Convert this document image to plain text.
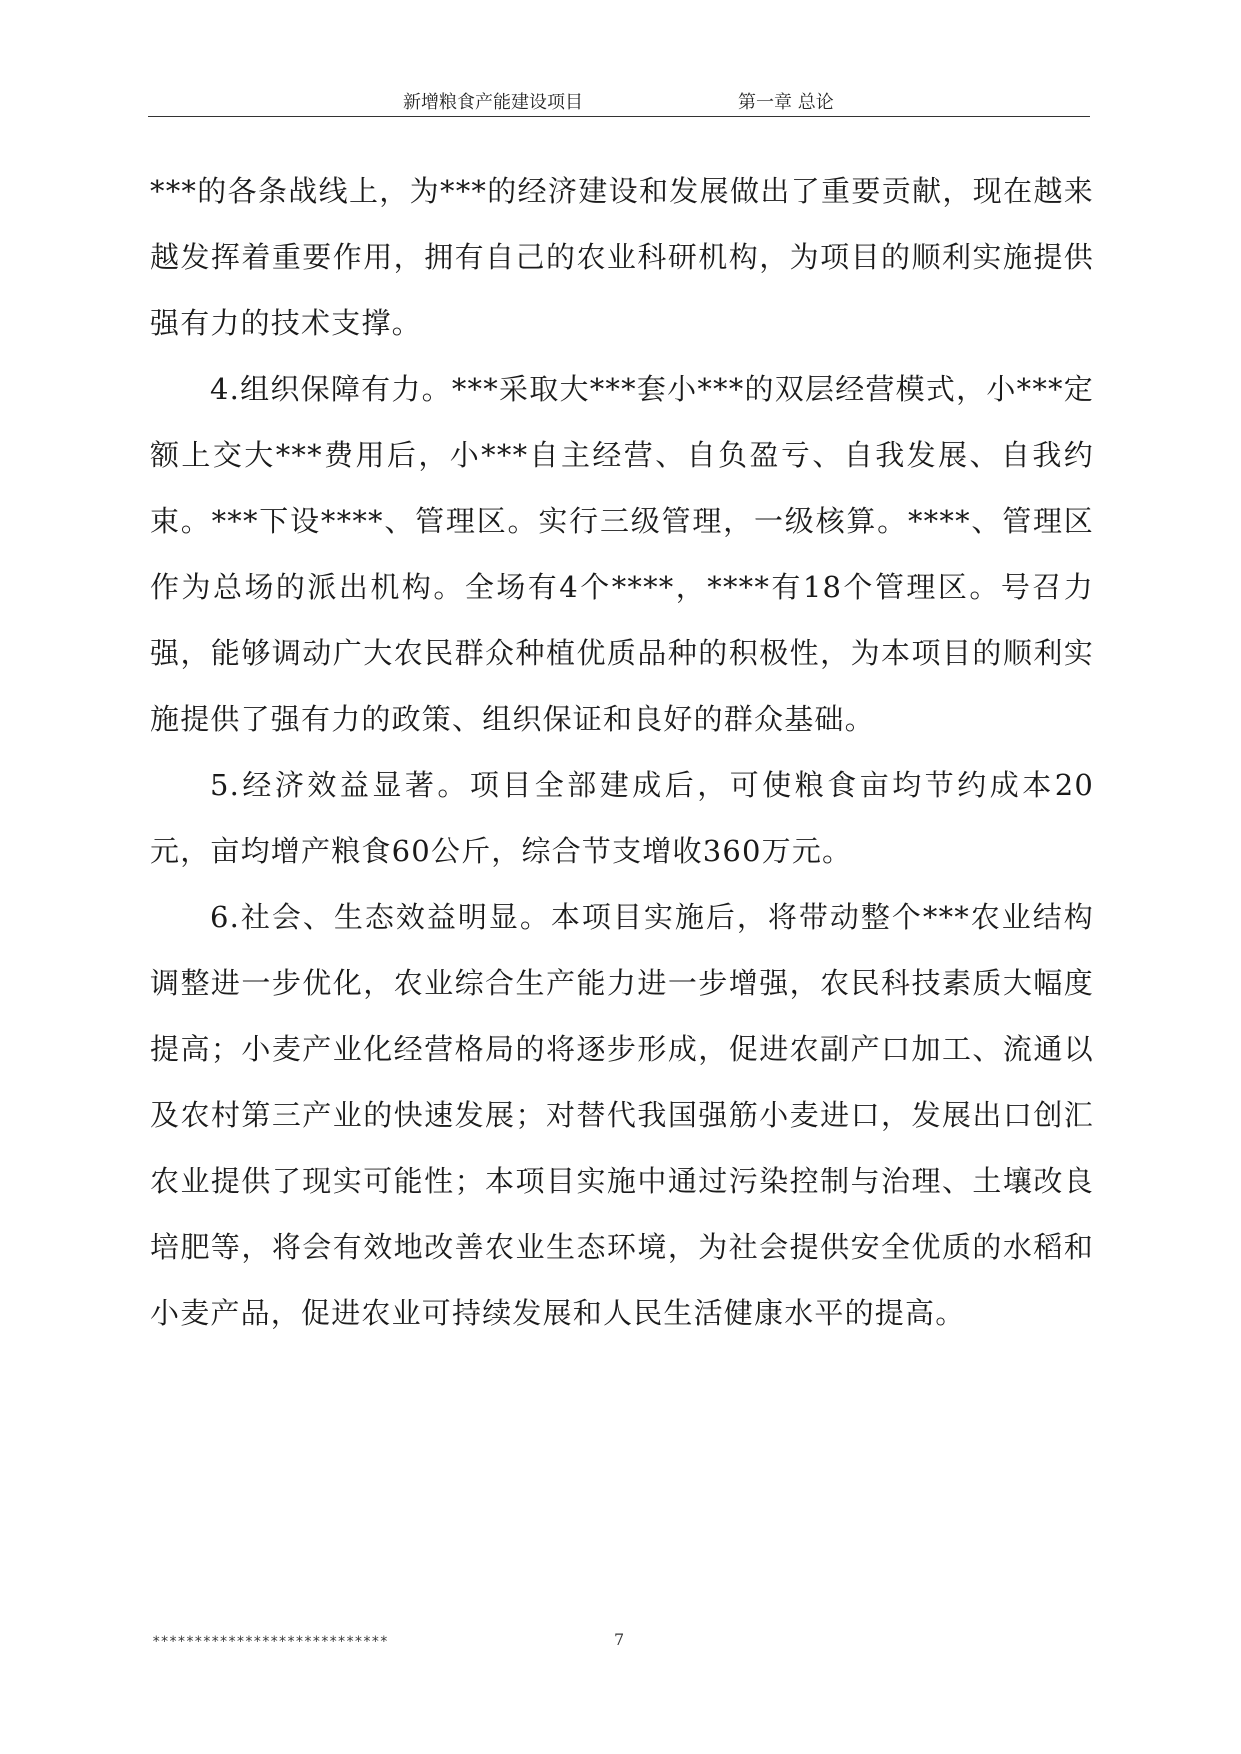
新增粮食产能建设项目	第一章 总论

***的各条战线上，为***的经济建设和发展做出了重要贡献，现在越来越发挥着重要作用，拥有自己的农业科研机构，为项目的顺利实施提供强有力的技术支撑。

4.组织保障有力。***采取大***套小***的双层经营模式，小***定额上交大***费用后，小***自主经营、自负盈亏、自我发展、自我约束。***下设****、管理区。实行三级管理，一级核算。****、管理区作为总场的派出机构。全场有4个****，****有18个管理区。号召力强，能够调动广大农民群众种植优质品种的积极性，为本项目的顺利实施提供了强有力的政策、组织保证和良好的群众基础。

5.经济效益显著。项目全部建成后，可使粮食亩均节约成本20元，亩均增产粮食60公斤，综合节支增收360万元。

6.社会、生态效益明显。本项目实施后，将带动整个***农业结构调整进一步优化，农业综合生产能力进一步增强，农民科技素质大幅度提高；小麦产业化经营格局的将逐步形成，促进农副产口加工、流通以及农村第三产业的快速发展；对替代我国强筋小麦进口，发展出口创汇农业提供了现实可能性；本项目实施中通过污染控制与治理、土壤改良培肥等，将会有效地改善农业生态环境，为社会提供安全优质的水稻和小麦产品，促进农业可持续发展和人民生活健康水平的提高。

****************************	7
